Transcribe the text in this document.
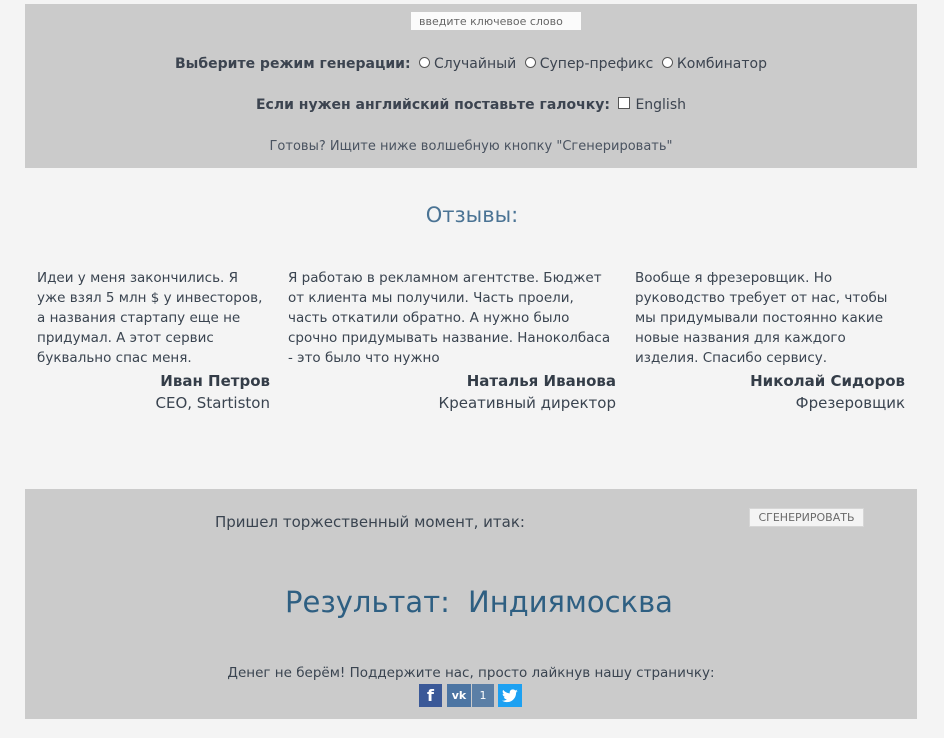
введите ключевое слово
Выберите режим генерации: Случайный Супер-префикс Комбинатор
Если нужен английский поставьте галочку: English
Готовы? Ищите ниже волшебную кнопку "Сгенерировать"
Отзывы:
Идеи у меня закончились. Я уже взял 5 млн $ у инвесторов, а названия стартапу еще не придумал. А этот сервис буквально спас меня.
Иван Петров
CEO, Startiston
Я работаю в рекламном агентстве. Бюджет от клиента мы получили. Часть проели, часть откатили обратно. А нужно было срочно придумывать название. Наноколбаса - это было что нужно
Наталья Иванова
Креативный директор
Вообще я фрезеровщик. Но руководство требует от нас, чтобы мы придумывали постоянно какие новые названия для каждого изделия. Спасибо сервису.
Николай Сидоров
Фрезеровщик
Пришел торжественный момент, итак:	СГЕНЕРИРОВАТЬ
Результат: Индиямосква
Денег не берём! Поддержите нас, просто лайкнув нашу страничку:
f vk	1
